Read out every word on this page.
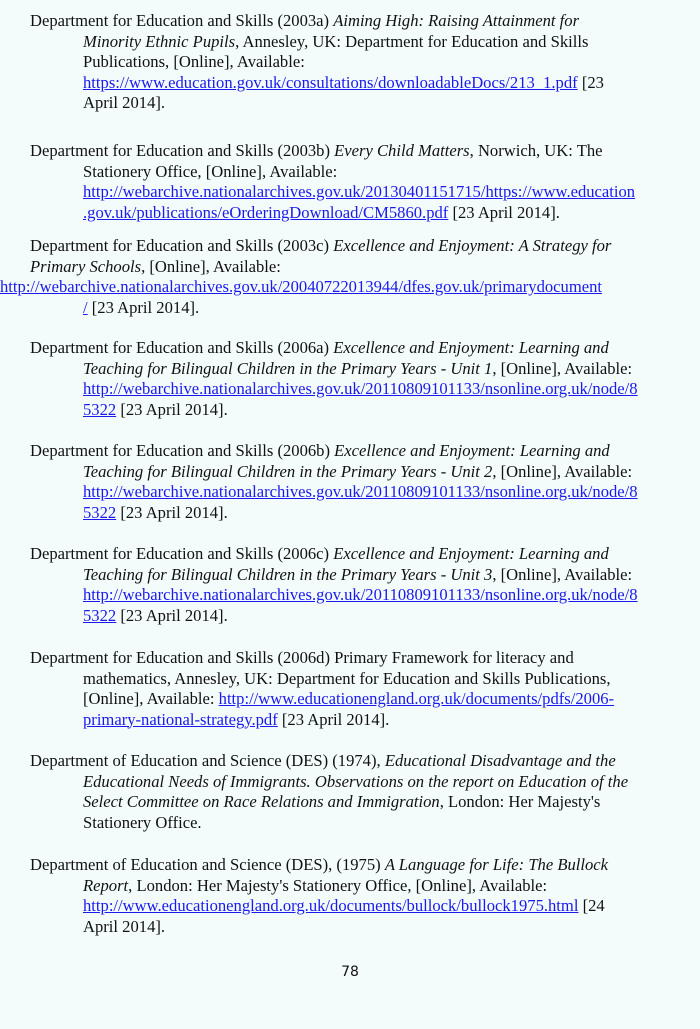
Department for Education and Skills (2003a) Aiming High: Raising Attainment for
Minority Ethnic Pupils, Annesley, UK: Department for Education and Skills
Publications, [Online], Available:
https://www.education.gov.uk/consultations/downloadableDocs/213_1.pdf [23
April 2014].

Department for Education and Skills (2003b) Every Child Matters, Norwich, UK: The
Stationery Office, [Online], Available:
http://webarchive.nationalarchives.gov.uk/20130401151715/https://www.education
.gov.uk/publications/eOrderingDownload/CM5860.pdf [23 April 2014].

Department for Education and Skills (2003c) Excellence and Enjoyment: A Strategy for
Primary Schools, [Online], Available:
http://webarchive.nationalarchives.gov.uk/20040722013944/dfes.gov.uk/primarydocument
/ [23 April 2014].

Department for Education and Skills (2006a) Excellence and Enjoyment: Learning and
Teaching for Bilingual Children in the Primary Years - Unit 1, [Online], Available:
http://webarchive.nationalarchives.gov.uk/20110809101133/nsonline.org.uk/node/8
5322 [23 April 2014].

Department for Education and Skills (2006b) Excellence and Enjoyment: Learning and
Teaching for Bilingual Children in the Primary Years - Unit 2, [Online], Available:
http://webarchive.nationalarchives.gov.uk/20110809101133/nsonline.org.uk/node/8
5322 [23 April 2014].

Department for Education and Skills (2006c) Excellence and Enjoyment: Learning and
Teaching for Bilingual Children in the Primary Years - Unit 3, [Online], Available:
http://webarchive.nationalarchives.gov.uk/20110809101133/nsonline.org.uk/node/8
5322 [23 April 2014].

Department for Education and Skills (2006d) Primary Framework for literacy and
mathematics, Annesley, UK: Department for Education and Skills Publications,
[Online], Available: http://www.educationengland.org.uk/documents/pdfs/2006-
primary-national-strategy.pdf [23 April 2014].

Department of Education and Science (DES) (1974), Educational Disadvantage and the
Educational Needs of Immigrants. Observations on the report on Education of the
Select Committee on Race Relations and Immigration, London: Her Majesty's
Stationery Office.

Department of Education and Science (DES), (1975) A Language for Life: The Bullock
Report, London: Her Majesty's Stationery Office, [Online], Available:
http://www.educationengland.org.uk/documents/bullock/bullock1975.html [24
April 2014].

78
